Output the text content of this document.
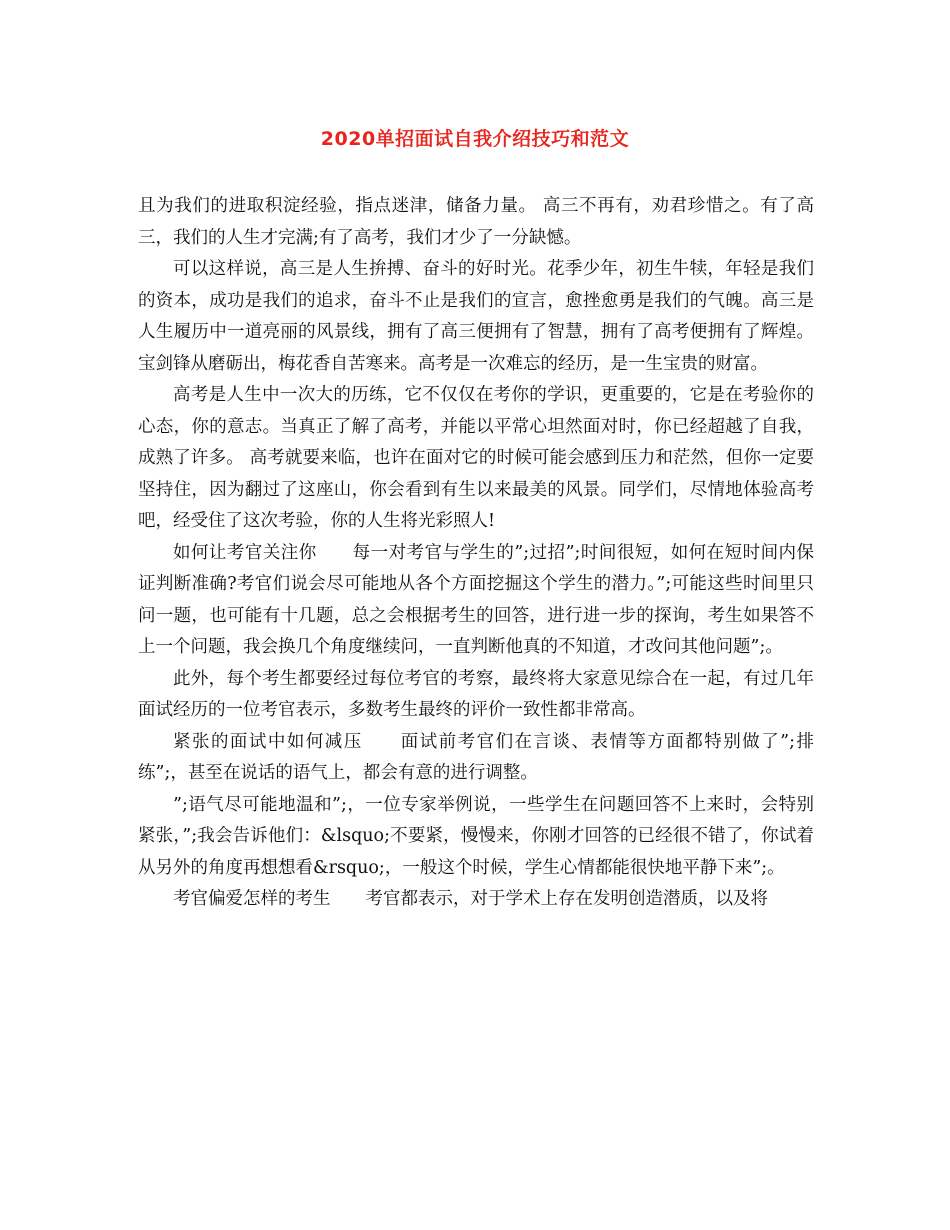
2020单招面试自我介绍技巧和范文

且为我们的进取积淀经验，指点迷津，储备力量。 高三不再有，劝君珍惜之。有了高三，我们的人生才完满;有了高考，我们才少了一分缺憾。

可以这样说，高三是人生拚搏、奋斗的好时光。花季少年，初生牛犊，年轻是我们的资本，成功是我们的追求，奋斗不止是我们的宣言，愈挫愈勇是我们的气魄。高三是人生履历中一道亮丽的风景线，拥有了高三便拥有了智慧，拥有了高考便拥有了辉煌。 宝剑锋从磨砺出，梅花香自苦寒来。高考是一次难忘的经历，是一生宝贵的财富。

高考是人生中一次大的历练，它不仅仅在考你的学识，更重要的，它是在考验你的心态，你的意志。当真正了解了高考，并能以平常心坦然面对时，你已经超越了自我，成熟了许多。 高考就要来临，也许在面对它的时候可能会感到压力和茫然，但你一定要坚持住，因为翻过了这座山，你会看到有生以来最美的风景。同学们，尽情地体验高考吧，经受住了这次考验，你的人生将光彩照人!

如何让考官关注你　　每一对考官与学生的”;过招”;时间很短，如何在短时间内保证判断准确?考官们说会尽可能地从各个方面挖掘这个学生的潜力。”;可能这些时间里只问一题，也可能有十几题，总之会根据考生的回答，进行进一步的探询，考生如果答不上一个问题，我会换几个角度继续问，一直判断他真的不知道，才改问其他问题”;。

此外，每个考生都要经过每位考官的考察，最终将大家意见综合在一起，有过几年面试经历的一位考官表示，多数考生最终的评价一致性都非常高。

紧张的面试中如何减压　　面试前考官们在言谈、表情等方面都特别做了”;排练”;，甚至在说话的语气上，都会有意的进行调整。

”;语气尽可能地温和”;，一位专家举例说，一些学生在问题回答不上来时，会特别紧张，”;我会告诉他们：&lsquo;不要紧，慢慢来，你刚才回答的已经很不错了，你试着从另外的角度再想想看&rsquo;，一般这个时候，学生心情都能很快地平静下来”;。

考官偏爱怎样的考生　　考官都表示，对于学术上存在发明创造潜质，以及将
